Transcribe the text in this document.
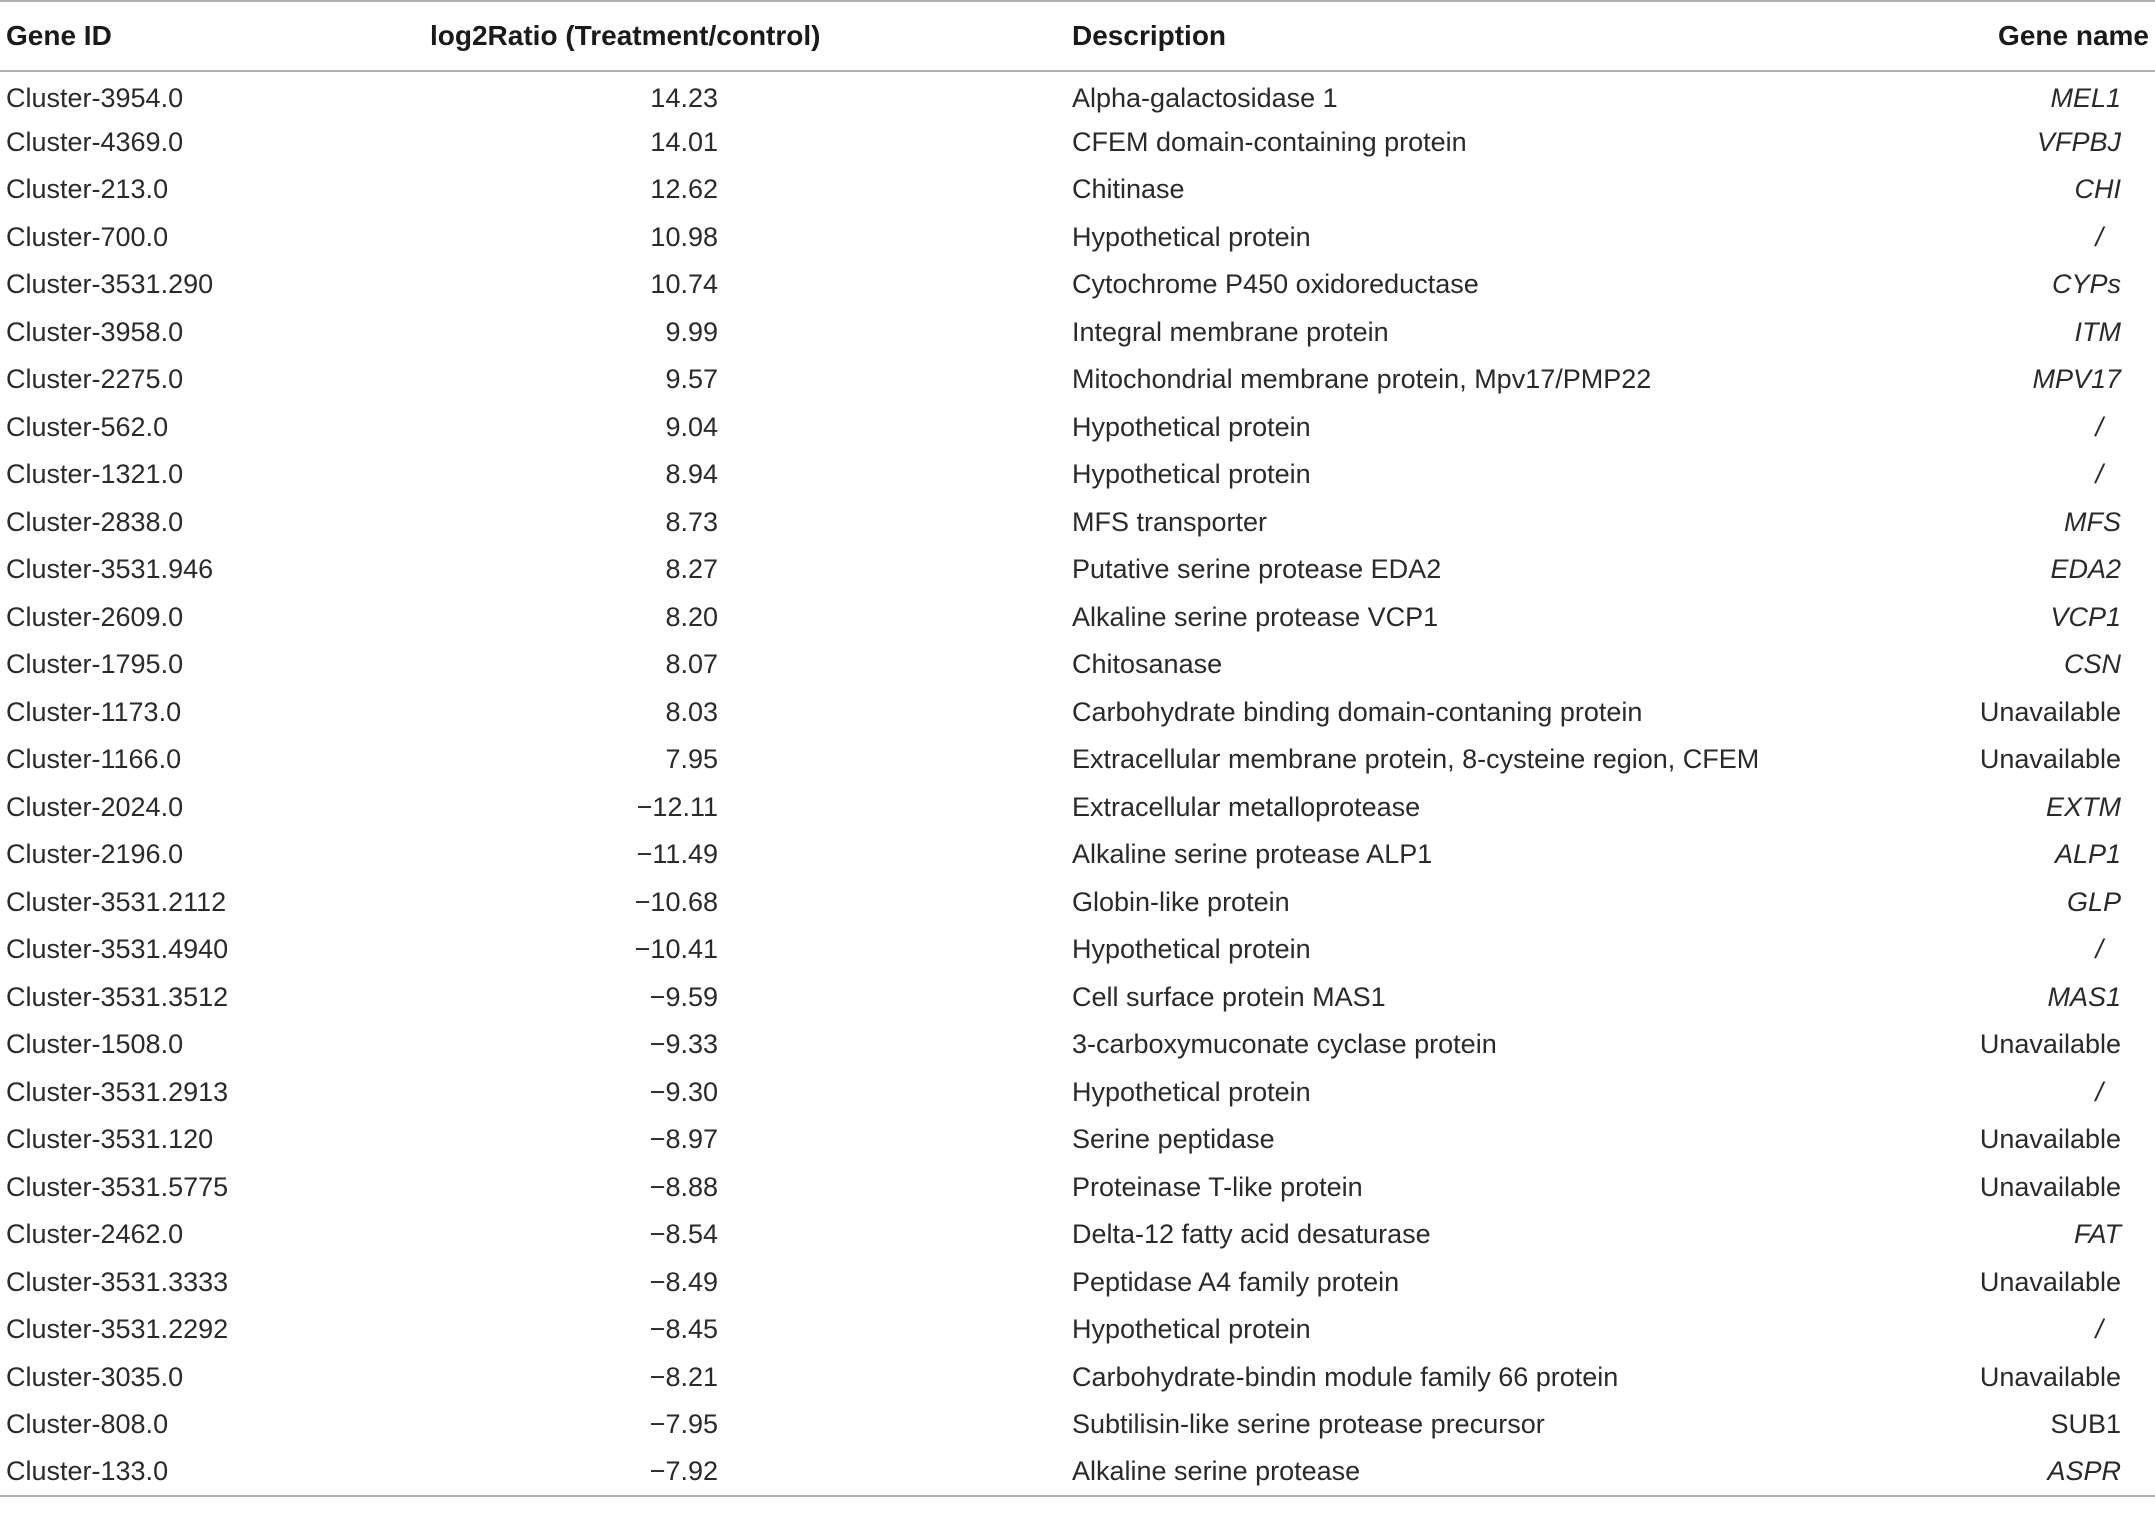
Gene ID	log2Ratio (Treatment/control)	Description	Gene name
Cluster-3954.0	14.23	Alpha-galactosidase 1	MEL1
Cluster-4369.0	14.01	CFEM domain-containing protein	VFPBJ
Cluster-213.0	12.62	Chitinase	CHI
Cluster-700.0	10.98	Hypothetical protein	/
Cluster-3531.290	10.74	Cytochrome P450 oxidoreductase	CYPs
Cluster-3958.0	9.99	Integral membrane protein	ITM
Cluster-2275.0	9.57	Mitochondrial membrane protein, Mpv17/PMP22	MPV17
Cluster-562.0	9.04	Hypothetical protein	/
Cluster-1321.0	8.94	Hypothetical protein	/
Cluster-2838.0	8.73	MFS transporter	MFS
Cluster-3531.946	8.27	Putative serine protease EDA2	EDA2
Cluster-2609.0	8.20	Alkaline serine protease VCP1	VCP1
Cluster-1795.0	8.07	Chitosanase	CSN
Cluster-1173.0	8.03	Carbohydrate binding domain-contaning protein	Unavailable
Cluster-1166.0	7.95	Extracellular membrane protein, 8-cysteine region, CFEM	Unavailable
Cluster-2024.0	−12.11	Extracellular metalloprotease	EXTM
Cluster-2196.0	−11.49	Alkaline serine protease ALP1	ALP1
Cluster-3531.2112	−10.68	Globin-like protein	GLP
Cluster-3531.4940	−10.41	Hypothetical protein	/
Cluster-3531.3512	−9.59	Cell surface protein MAS1	MAS1
Cluster-1508.0	−9.33	3-carboxymuconate cyclase protein	Unavailable
Cluster-3531.2913	−9.30	Hypothetical protein	/
Cluster-3531.120	−8.97	Serine peptidase	Unavailable
Cluster-3531.5775	−8.88	Proteinase T-like protein	Unavailable
Cluster-2462.0	−8.54	Delta-12 fatty acid desaturase	FAT
Cluster-3531.3333	−8.49	Peptidase A4 family protein	Unavailable
Cluster-3531.2292	−8.45	Hypothetical protein	/
Cluster-3035.0	−8.21	Carbohydrate-bindin module family 66 protein	Unavailable
Cluster-808.0	−7.95	Subtilisin-like serine protease precursor	SUB1
Cluster-133.0	−7.92	Alkaline serine protease	ASPR
